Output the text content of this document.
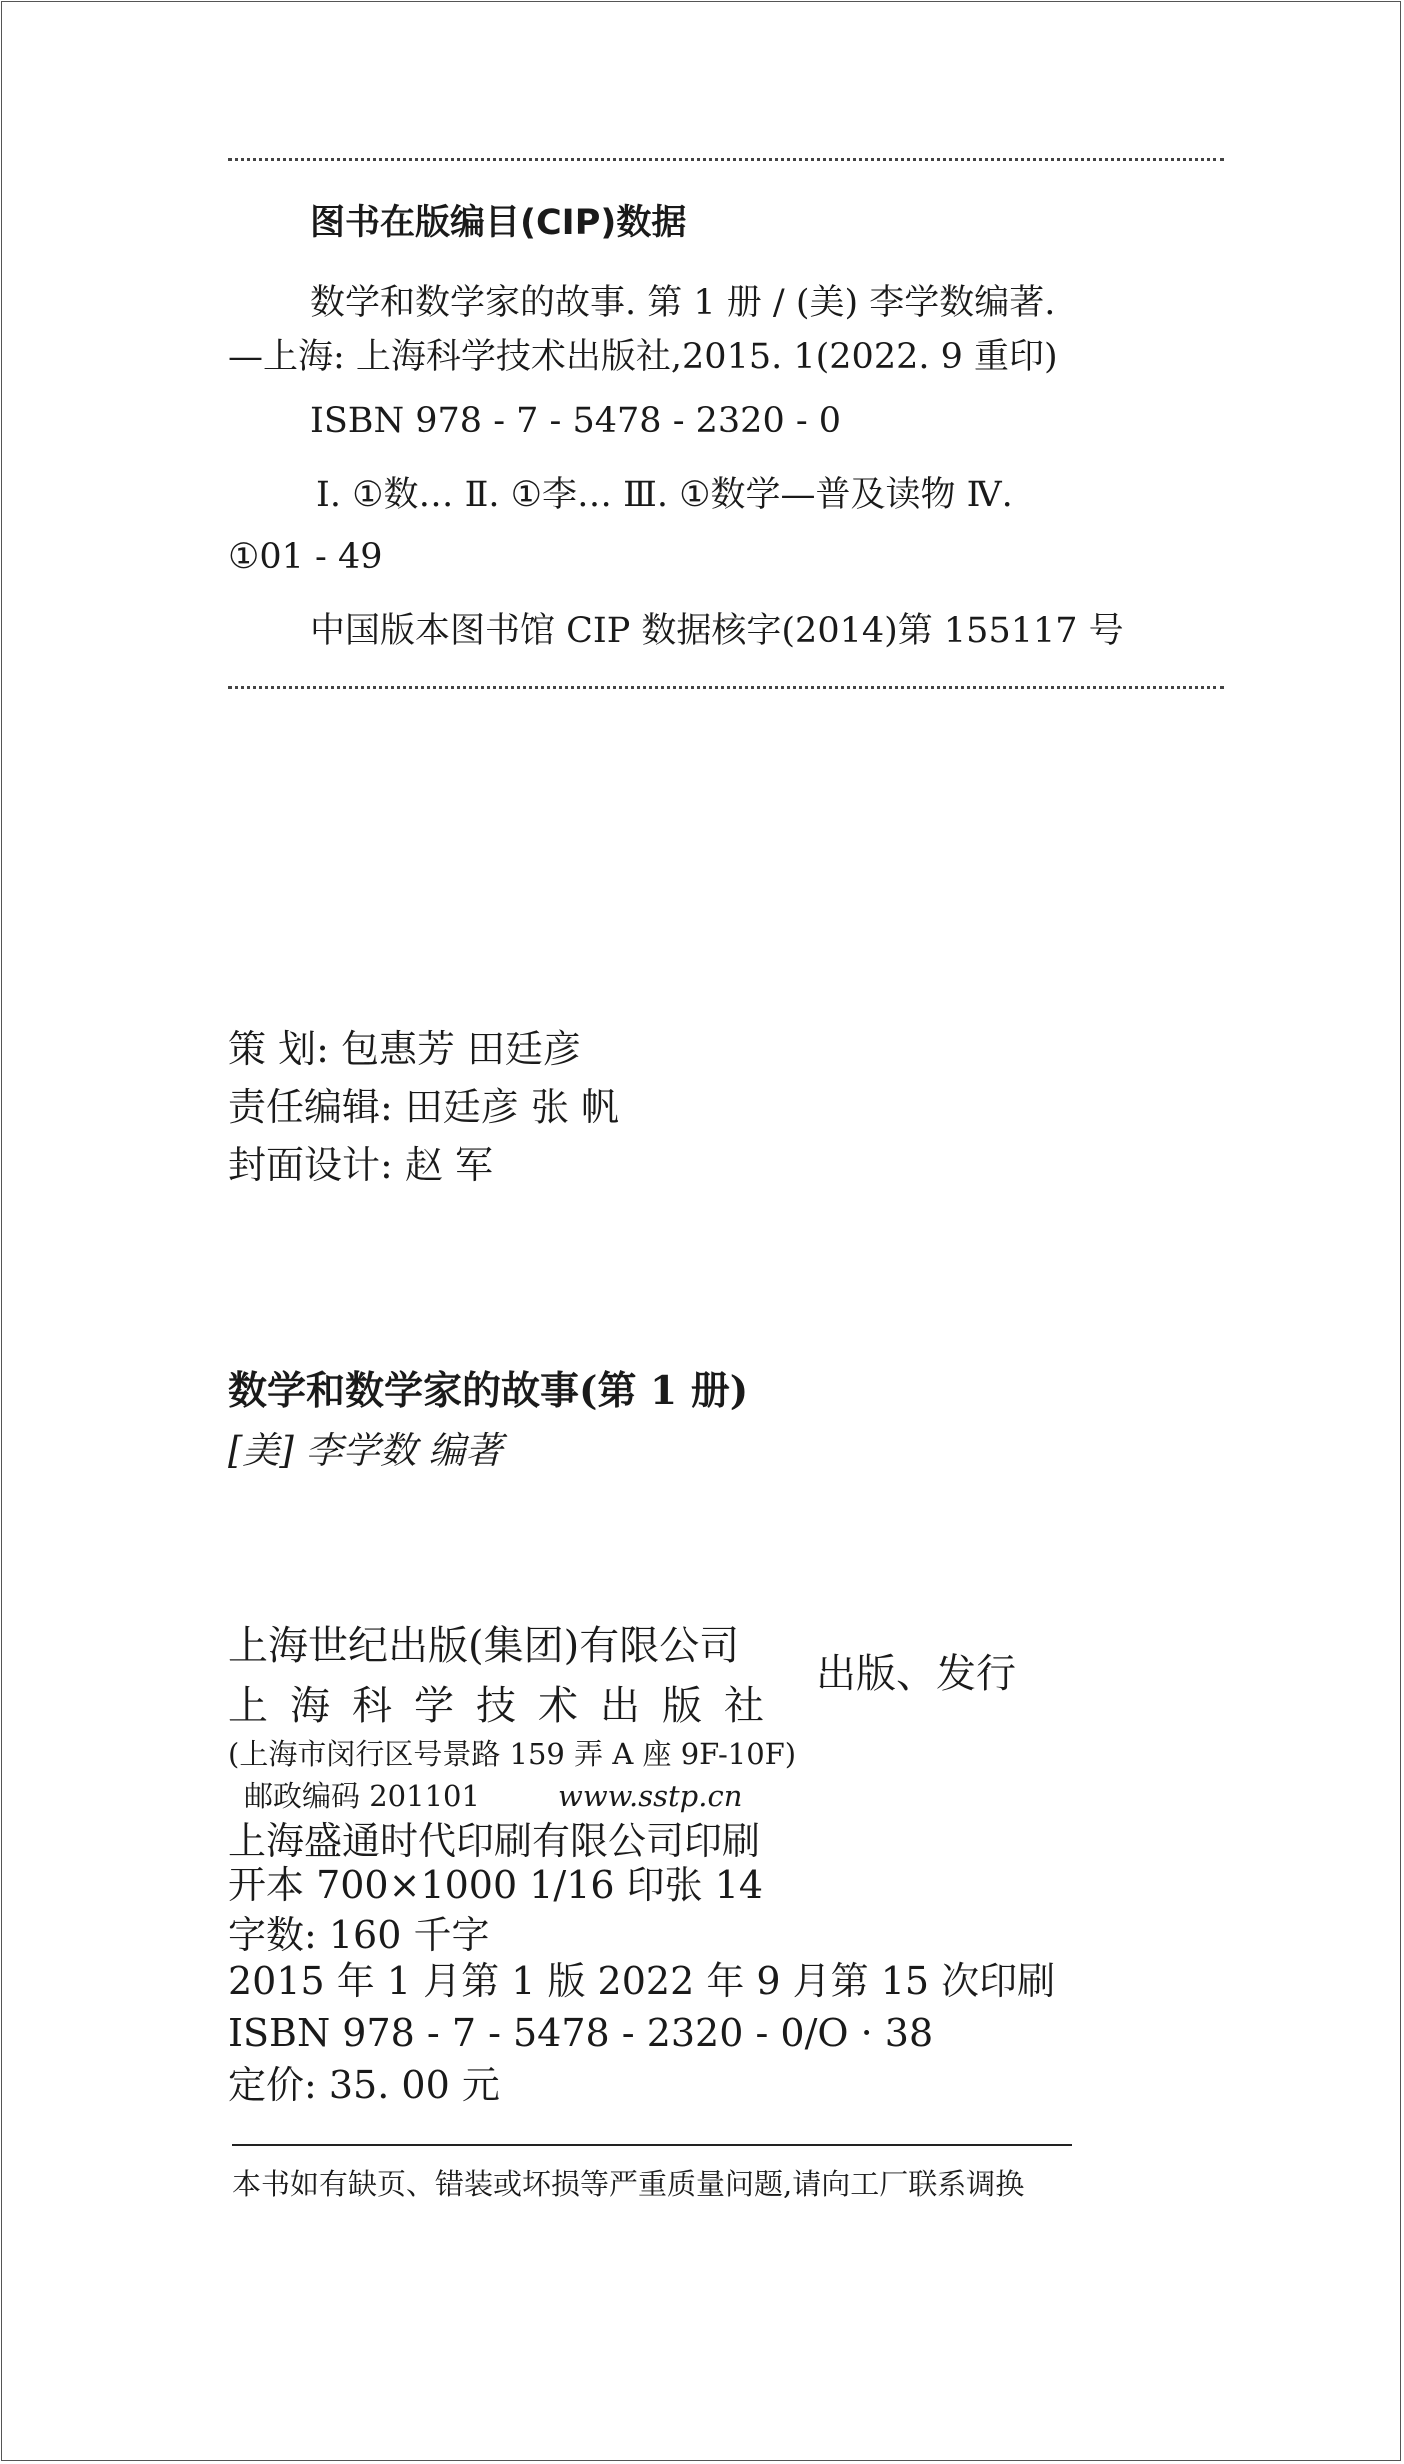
图书在版编目(CIP)数据
数学和数学家的故事. 第 1 册 / (美) 李学数编著.
—上海: 上海科学技术出版社,2015. 1(2022. 9 重印)
ISBN 978 - 7 - 5478 - 2320 - 0
Ⅰ. ①数… Ⅱ. ①李… Ⅲ. ①数学—普及读物 Ⅳ.
①01 - 49
中国版本图书馆 CIP 数据核字(2014)第 155117 号
策 划: 包惠芳 田廷彦
责任编辑: 田廷彦 张 帆
封面设计: 赵 军
数学和数学家的故事(第 1 册)
[美] 李学数 编著
上海世纪出版(集团)有限公司
上海科学技术出版社
出版、发行
(上海市闵行区号景路 159 弄 A 座 9F-10F)
邮政编码 201101	www.sstp.cn
上海盛通时代印刷有限公司印刷
开本 700×1000 1/16 印张 14
字数: 160 千字
2015 年 1 月第 1 版 2022 年 9 月第 15 次印刷
ISBN 978 - 7 - 5478 - 2320 - 0/O · 38
定价: 35. 00 元
本书如有缺页、错装或坏损等严重质量问题,请向工厂联系调换
